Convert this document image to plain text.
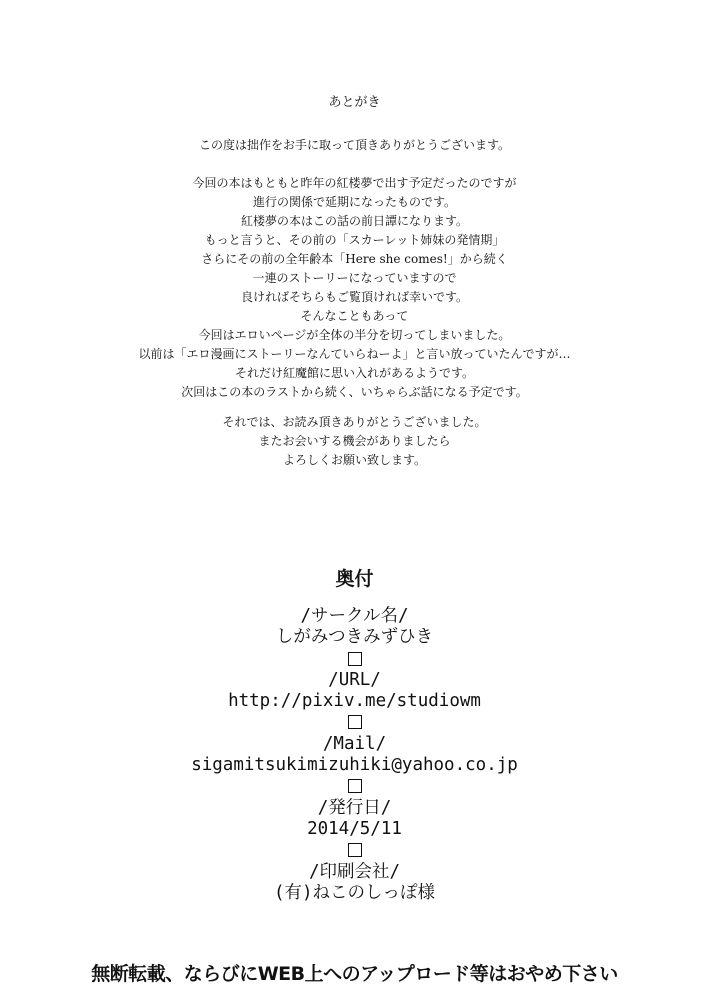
あとがき
この度は拙作をお手に取って頂きありがとうございます。
今回の本はもともと昨年の紅楼夢で出す予定だったのですが
進行の関係で延期になったものです。
紅楼夢の本はこの話の前日譚になります。
もっと言うと、その前の「スカーレット姉妹の発情期」
さらにその前の全年齢本「Here she comes!」から続く
一連のストーリーになっていますので
良ければそちらもご覧頂ければ幸いです。
そんなこともあって
今回はエロいページが全体の半分を切ってしまいました。
以前は「エロ漫画にストーリーなんていらねーよ」と言い放っていたんですが…
それだけ紅魔館に思い入れがあるようです。
次回はこの本のラストから続く、いちゃらぶ話になる予定です。
それでは、お読み頂きありがとうございました。
またお会いする機会がありましたら
よろしくお願い致します。
奥付
/サークル名/
しがみつきみずひき
/URL/
http://pixiv.me/studiowm
/Mail/
sigamitsukimizuhiki@yahoo.co.jp
/発行日/
2014/5/11
/印刷会社/
(有)ねこのしっぽ様
無断転載、ならびにWEB上へのアップロード等はおやめ下さい
